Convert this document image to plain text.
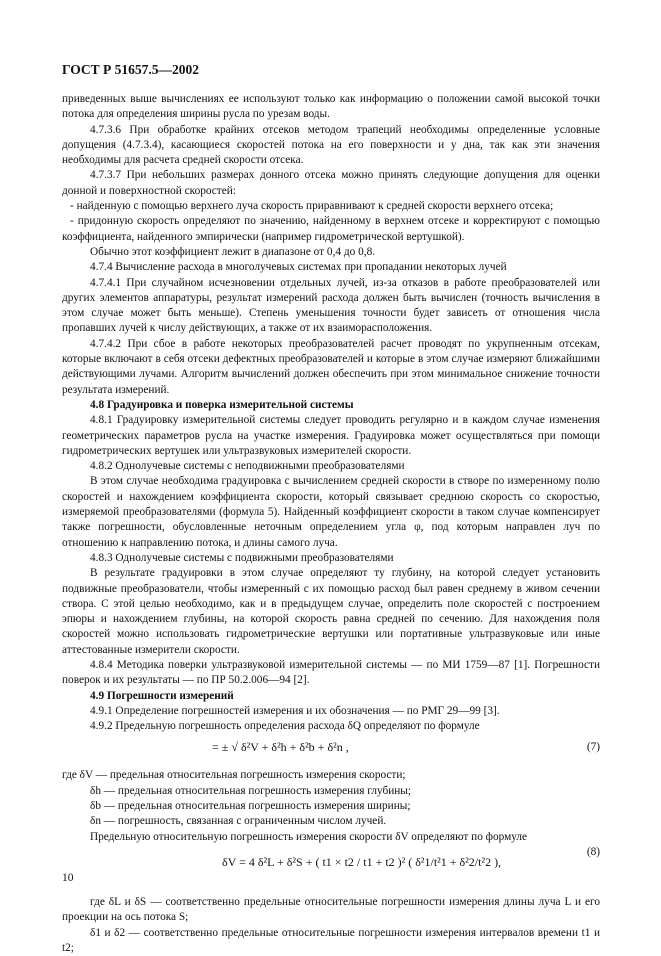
ГОСТ Р 51657.5—2002

приведенных выше вычислениях ее используют только как информацию о положении самой высокой точки потока для определения ширины русла по урезам воды.

4.7.3.6 При обработке крайних отсеков методом трапеций необходимы определенные условные допущения (4.7.3.4), касающиеся скоростей потока на его поверхности и у дна, так как эти значения необходимы для расчета средней скорости отсека.

4.7.3.7 При небольших размерах донного отсека можно принять следующие допущения для оценки донной и поверхностной скоростей:

- найденную с помощью верхнего луча скорость приравнивают к средней скорости верхнего отсека;

- придонную скорость определяют по значению, найденному в верхнем отсеке и корректируют с помощью коэффициента, найденного эмпирически (например гидрометрической вертушкой).

Обычно этот коэффициент лежит в диапазоне от 0,4 до 0,8.

4.7.4 Вычисление расхода в многолучевых системах при пропадании некоторых лучей

4.7.4.1 При случайном исчезновении отдельных лучей, из-за отказов в работе преобразователей или других элементов аппаратуры, результат измерений расхода должен быть вычислен (точность вычисления в этом случае может быть меньше). Степень уменьшения точности будет зависеть от отношения числа пропавших лучей к числу действующих, а также от их взаиморасположения.

4.7.4.2 При сбое в работе некоторых преобразователей расчет проводят по укрупненным отсекам, которые включают в себя отсеки дефектных преобразователей и которые в этом случае измеряют ближайшими действующими лучами. Алгоритм вычислений должен обеспечить при этом минимальное снижение точности результата измерений.

4.8 Градуировка и поверка измерительной системы

4.8.1 Градуировку измерительной системы следует проводить регулярно и в каждом случае изменения геометрических параметров русла на участке измерения. Градуировка может осуществляться при помощи гидрометрических вертушек или ультразвуковых измерителей скорости.

4.8.2 Однолучевые системы с неподвижными преобразователями

В этом случае необходима градуировка с вычислением средней скорости в створе по измеренному полю скоростей и нахождением коэффициента скорости, который связывает среднюю скорость со скоростью, измеряемой преобразователями (формула 5). Найденный коэффициент скорости в таком случае компенсирует также погрешности, обусловленные неточным определением угла φ, под которым направлен луч по отношению к направлению потока, и длины самого луча.

4.8.3 Однолучевые системы с подвижными преобразователями

В результате градуировки в этом случае определяют ту глубину, на которой следует установить подвижные преобразователи, чтобы измеренный с их помощью расход был равен среднему в живом сечении створа. С этой целью необходимо, как и в предыдущем случае, определить поле скоростей с построением эпюры и нахождением глубины, на которой скорость равна средней по сечению. Для нахождения поля скоростей можно использовать гидрометрические вертушки или портативные ультразвуковые или иные аттестованные измерители скорости.

4.8.4 Методика поверки ультразвуковой измерительной системы — по МИ 1759—87 [1]. Погрешности поверок и их результаты — по ПР 50.2.006—94 [2].

4.9 Погрешности измерений

4.9.1 Определение погрешностей измерения и их обозначения — по РМГ 29—99 [3].

4.9.2 Предельную погрешность определения расхода δQ определяют по формуле

= ± √ δ²V + δ²h + δ²b + δ²n ,	(7)
где δV — предельная относительная погрешность измерения скорости;
δh — предельная относительная погрешность измерения глубины;
δb — предельная относительная погрешность измерения ширины;
δn — погрешность, связанная с ограниченным числом лучей.

Предельную относительную погрешность измерения скорости δV определяют по формуле

δV = 4 δ²L + δ²S + ( t1 × t2 / t1 + t2 )² ( δ²1/t²1 + δ²2/t²2 ),
(8)

где δL и δS — соответственно предельные относительные погрешности измерения длины луча L и его проекции на ось потока S;

δ1 и δ2 — соответственно предельные относительные погрешности измерения интервалов времени t1 и t2;

10
